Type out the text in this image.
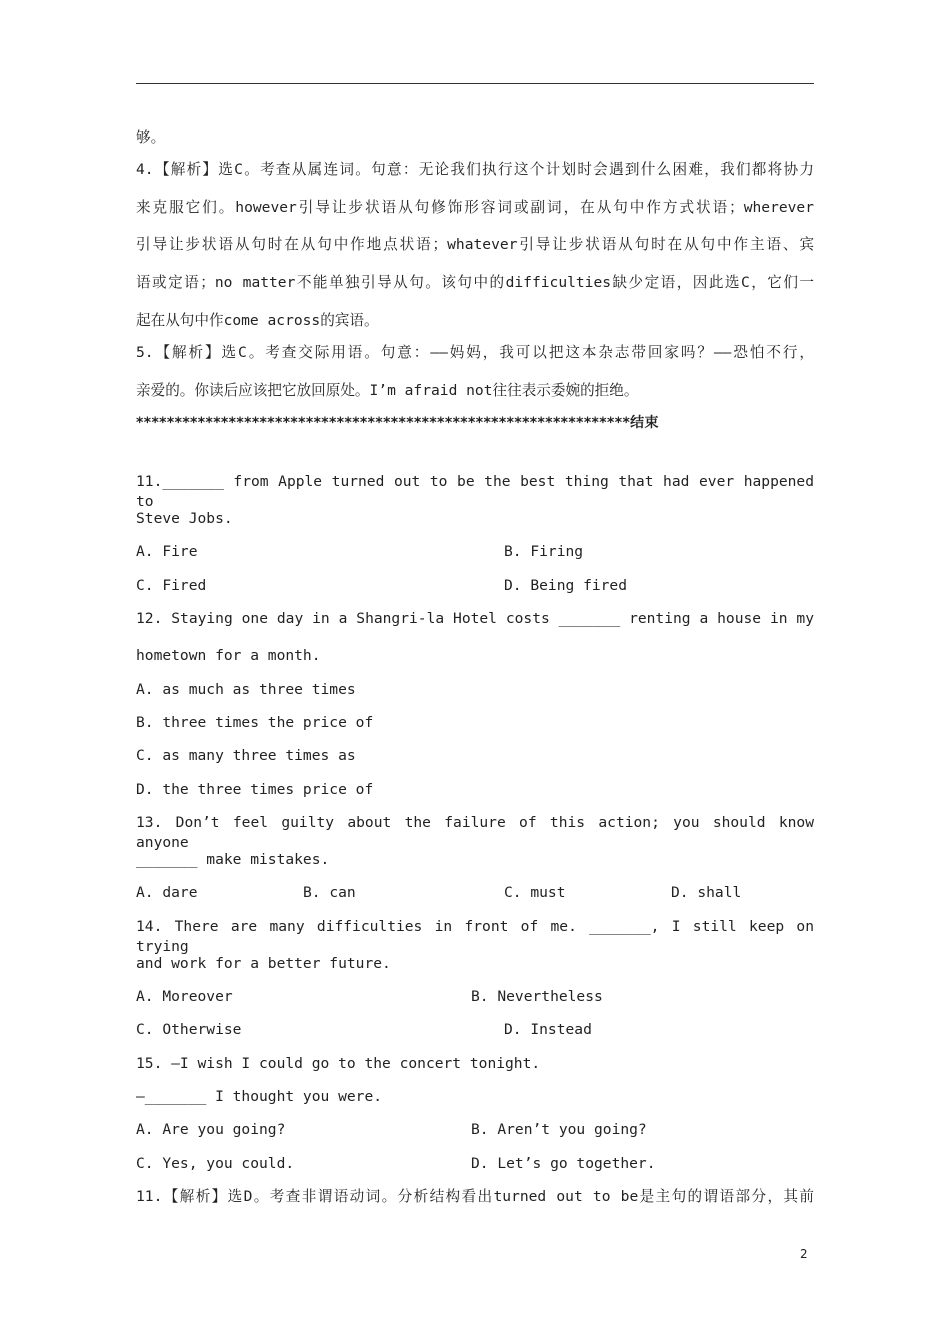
够。
4.【解析】选C。考查从属连词。句意：无论我们执行这个计划时会遇到什么困难，我们都将协力
来克服它们。however引导让步状语从句修饰形容词或副词，在从句中作方式状语；wherever
引导让步状语从句时在从句中作地点状语；whatever引导让步状语从句时在从句中作主语、宾
语或定语；no matter不能单独引导从句。该句中的difficulties缺少定语，因此选C，它们一
起在从句中作come across的宾语。
5.【解析】选C。考查交际用语。句意：——妈妈，我可以把这本杂志带回家吗？——恐怕不行，
亲爱的。你读后应该把它放回原处。I’m afraid not往往表示委婉的拒绝。
****************************************************************结束
11._______ from Apple turned out to be the best thing that had ever happened to
Steve Jobs.
A. Fire	B. Firing
C. Fired	D. Being fired
12. Staying one day in a Shangri-la Hotel costs _______ renting a house in my
hometown for a month.
A. as much as three times
B. three times the price of
C. as many three times as
D. the three times price of
13. Don’t feel guilty about the failure of this action; you should know anyone
_______ make mistakes.
A. dare	B. can	C. must	D. shall
14. There are many difficulties in front of me. _______, I still keep on trying
and work for a better future.
A. Moreover	B. Nevertheless
C. Otherwise	D. Instead
15. —I wish I could go to the concert tonight.
—_______ I thought you were.
A. Are you going?	B. Aren’t you going?
C. Yes, you could.	D. Let’s go together.
11.【解析】选D。考查非谓语动词。分析结构看出turned out to be是主句的谓语部分，其前
2
